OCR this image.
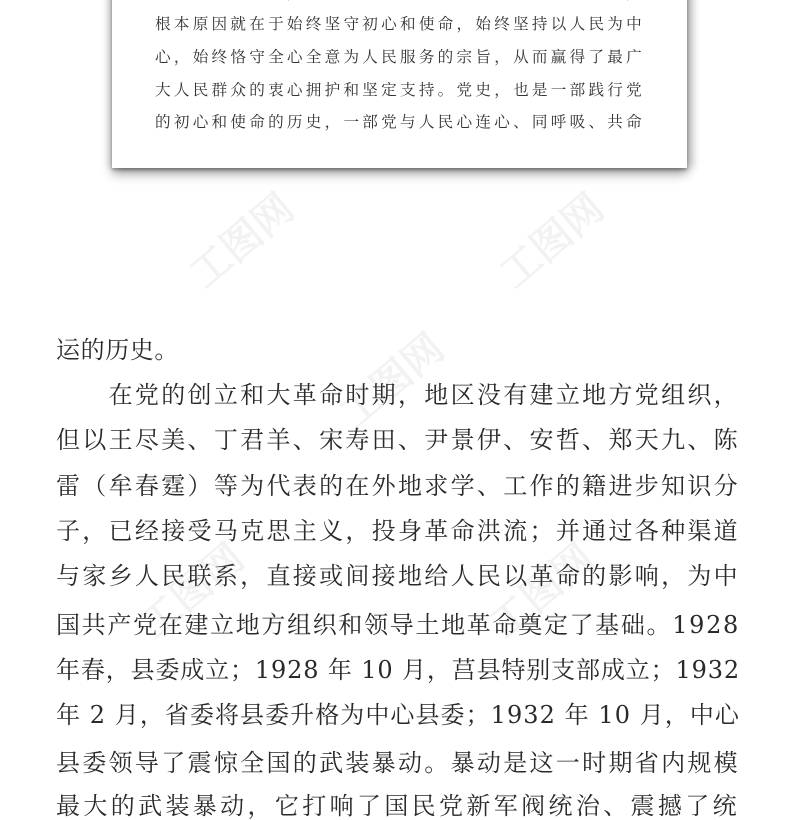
工图网	工图网
工图网
工图网	工图网
根本原因就在于始终坚守初心和使命，始终坚持以人民为中
心，始终恪守全心全意为人民服务的宗旨，从而赢得了最广
大人民群众的衷心拥护和坚定支持。党史，也是一部践行党
的初心和使命的历史，一部党与人民心连心、同呼吸、共命
运的历史。
　　在党的创立和大革命时期，地区没有建立地方党组织，
但以王尽美、丁君羊、宋寿田、尹景伊、安哲、郑天九、陈
雷（牟春霆）等为代表的在外地求学、工作的籍进步知识分
子，已经接受马克思主义，投身革命洪流；并通过各种渠道
与家乡人民联系，直接或间接地给人民以革命的影响，为中
国共产党在建立地方组织和领导土地革命奠定了基础。1928
年春，县委成立；1928 年 10 月，莒县特别支部成立；1932
年 2 月，省委将县委升格为中心县委；1932 年 10 月，中心
县委领导了震惊全国的武装暴动。暴动是这一时期省内规模
最大的武装暴动，它打响了国民党新军阀统治、震撼了统
